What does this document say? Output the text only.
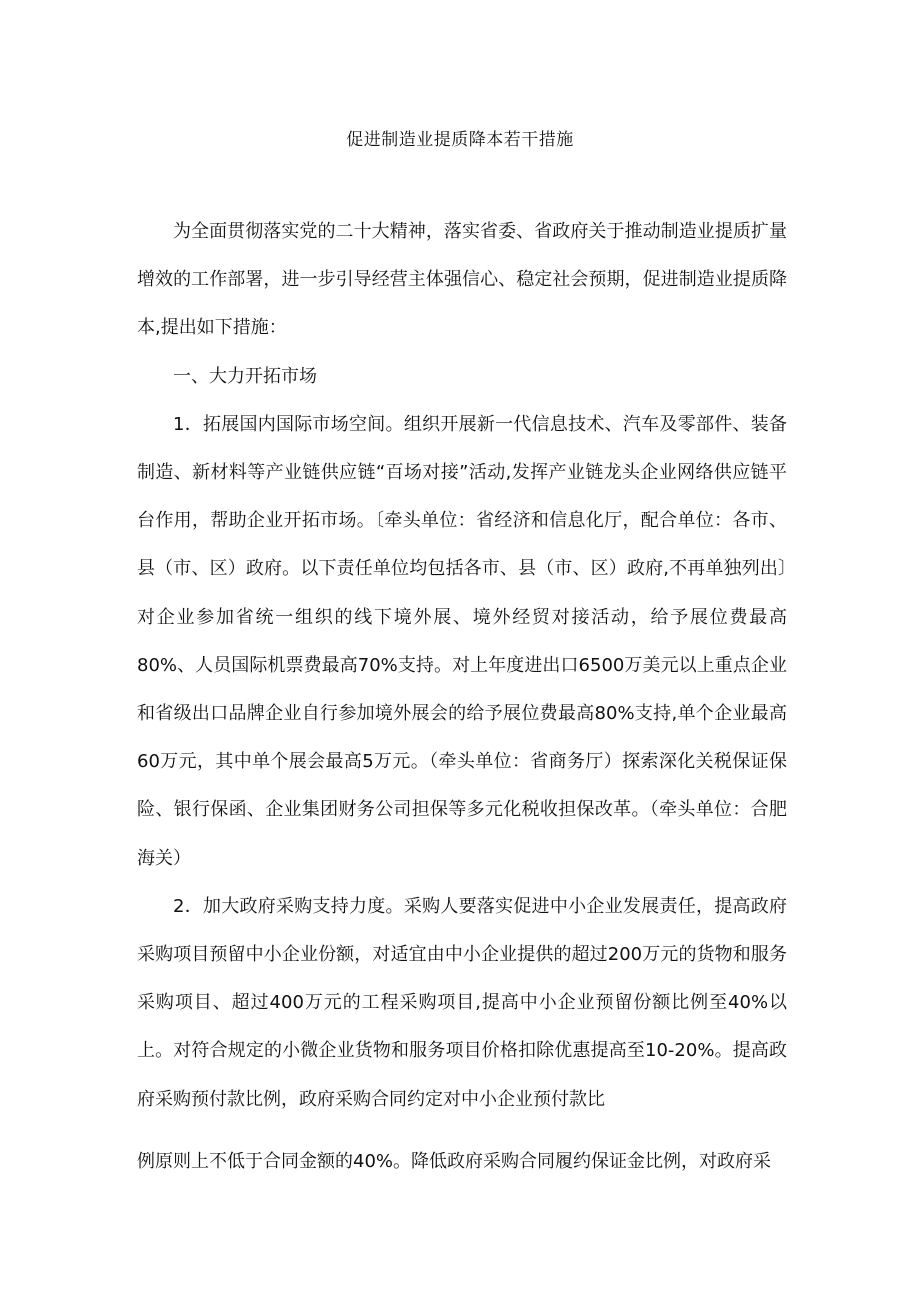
促进制造业提质降本若干措施

为全面贯彻落实党的二十大精神，落实省委、省政府关于推动制造业提质扩量增效的工作部署，进一步引导经营主体强信心、稳定社会预期，促进制造业提质降本,提出如下措施：

一、大力开拓市场

1．拓展国内国际市场空间。组织开展新一代信息技术、汽车及零部件、装备制造、新材料等产业链供应链“百场对接”活动,发挥产业链龙头企业网络供应链平台作用，帮助企业开拓市场。〔牵头单位：省经济和信息化厅，配合单位：各市、县（市、区）政府。以下责任单位均包括各市、县（市、区）政府,不再单独列出〕对企业参加省统一组织的线下境外展、境外经贸对接活动，给予展位费最高80%、人员国际机票费最高70%支持。对上年度进出口6500万美元以上重点企业和省级出口品牌企业自行参加境外展会的给予展位费最高80%支持,单个企业最高60万元，其中单个展会最高5万元。（牵头单位：省商务厅）探索深化关税保证保险、银行保函、企业集团财务公司担保等多元化税收担保改革。（牵头单位：合肥海关）

2．加大政府采购支持力度。采购人要落实促进中小企业发展责任，提高政府采购项目预留中小企业份额，对适宜由中小企业提供的超过200万元的货物和服务采购项目、超过400万元的工程采购项目,提高中小企业预留份额比例至40%以上。对符合规定的小微企业货物和服务项目价格扣除优惠提高至10-20%。提高政府采购预付款比例，政府采购合同约定对中小企业预付款比

例原则上不低于合同金额的40%。降低政府采购合同履约保证金比例，对政府采
